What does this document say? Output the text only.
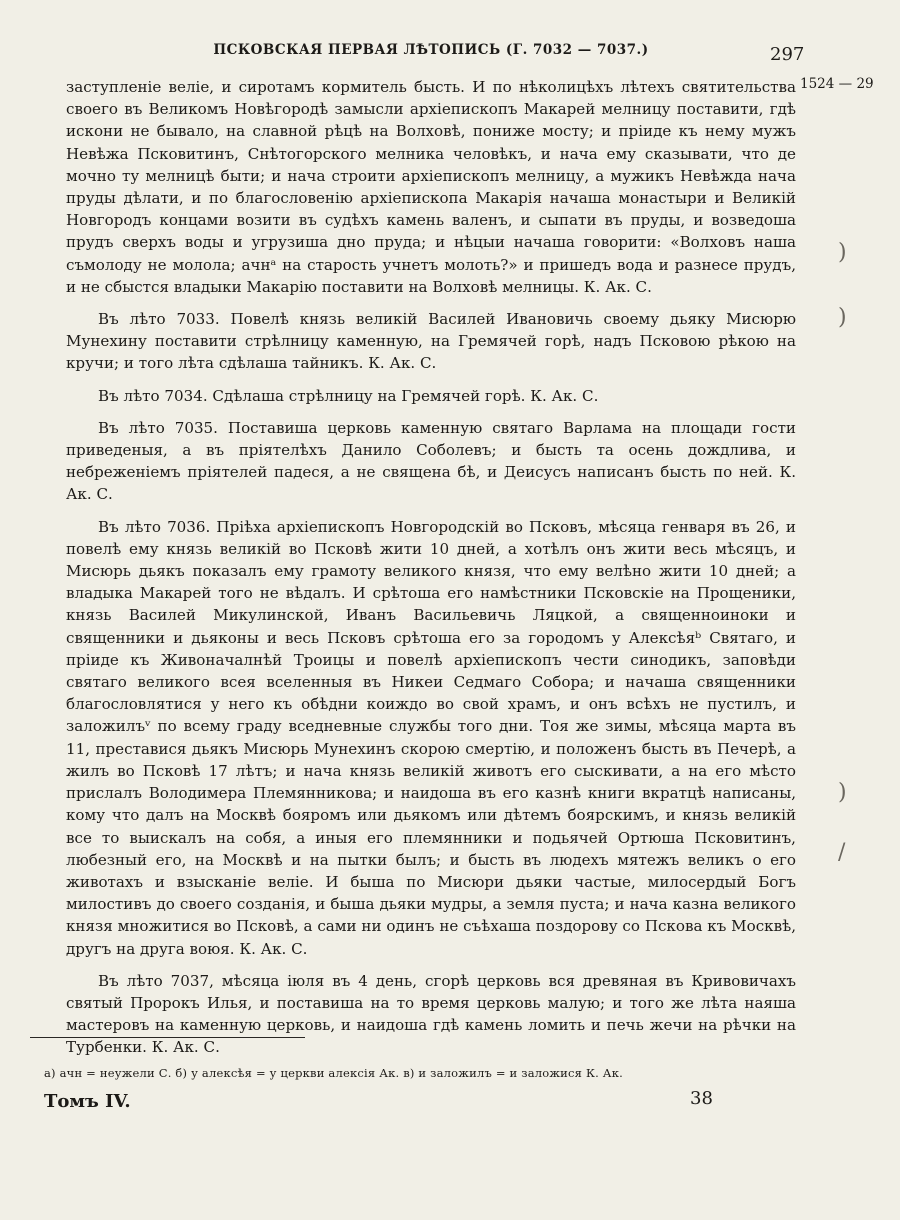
ПСКОВСКАЯ ПЕРВАЯ ЛѢТОПИСЬ (Г. 7032 — 7037.)	297
1524 — 29
)
)
)
/

заступленіе веліе, и сиротамъ кормитель бысть. И по нѣколицѣхъ лѣтехъ святительства своего въ Великомъ Новѣгородѣ замысли архіепископъ Макарей мелницу поставити, гдѣ искони не бывало, на славной рѣцѣ на Волховѣ, пониже мосту; и пріиде къ нему мужъ Невѣжа Псковитинъ, Снѣтогорского мелника человѣкъ, и нача ему сказывати, что де мочно ту мелницѣ быти; и нача строити архіепископъ мелницу, а мужикъ Невѣжда нача пруды дѣлати, и по благословенію архіепископа Макарія начаша монастыри и Великій Новгородъ концами возити въ судѣхъ камень валенъ, и сыпати въ пруды, и возведоша прудъ сверхъ воды и угрузиша дно пруда; и нѣцыи начаша говорити: «Волховъ наша съмолоду не молола; ачнᵃ на старость учнетъ молоть?» и пришедъ вода и разнесе прудъ, и не сбыстся владыки Макарію поставити на Волховѣ мелницы. К. Ак. С.

Въ лѣто 7033. Повелѣ князь великій Василей Ивановичь своему дьяку Мисюрю Мунехину поставити стрѣлницу каменную, на Гремячей горѣ, надъ Псковою рѣкою на кручи; и того лѣта сдѣлаша тайникъ. К. Ак. С.

Въ лѣто 7034. Сдѣлаша стрѣлницу на Гремячей горѣ. К. Ак. С.

Въ лѣто 7035. Поставиша церковь каменную святаго Варлама на площади гости приведеныя, а въ пріятелѣхъ Данило Соболевъ; и бысть та осень дождлива, и небреженіемъ пріятелей падеся, а не священа бѣ, и Деисусъ написанъ бысть по ней. К. Ак. С.

Въ лѣто 7036. Пріѣха архіепископъ Новгородскій во Псковъ, мѣсяца генваря въ 26, и повелѣ ему князь великій во Псковѣ жити 10 дней, а хотѣлъ онъ жити весь мѣсяцъ, и Мисюрь дьякъ показалъ ему грамоту великого князя, что ему велѣно жити 10 дней; а владыка Макарей того не вѣдалъ. И срѣтоша его намѣстники Псковскіе на Прощеники, князь Василей Микулинской, Иванъ Васильевичь Ляцкой, а священноиноки и священники и дьяконы и весь Псковъ срѣтоша его за городомъ у Алексѣяᵇ Святаго, и пріиде къ Живоначалнѣй Троицы и повелѣ архіепископъ чести синодикъ, заповѣди святаго великого всея вселенныя въ Никеи Седмаго Собора; и начаша священники благословлятися у него къ обѣдни коиждо во свой храмъ, и онъ всѣхъ не пустилъ, и заложилъᵛ по всему граду вседневные службы того дни. Тоя же зимы, мѣсяца марта въ 11, преставися дьякъ Мисюрь Мунехинъ скорою смертію, и положенъ бысть въ Печерѣ, а жилъ во Псковѣ 17 лѣтъ; и нача князь великій животъ его сыскивати, а на его мѣсто прислалъ Володимера Племянникова; и наидоша въ его казнѣ книги вкратцѣ написаны, кому что далъ на Москвѣ бояромъ или дьякомъ или дѣтемъ боярскимъ, и князь великій все то выискалъ на собя, а иныя его племянники и подьячей Ортюша Псковитинъ, любезный его, на Москвѣ и на пытки былъ; и бысть въ людехъ мятежъ великъ о его животахъ и взысканіе веліе. И быша по Мисюри дьяки частые, милосердый Богъ милостивъ до своего созданія, и быша дьяки мудры, а земля пуста; и нача казна великого князя множитися во Псковѣ, а сами ни одинъ не съѣхаша поздорову со Пскова къ Москвѣ, другъ на друга воюя. К. Ак. С.

Въ лѣто 7037, мѣсяца іюля въ 4 день, сгорѣ церковь вся древяная въ Кривовичахъ святый Пророкъ Илья, и поставиша на то время церковь малую; и того же лѣта наяша мастеровъ на каменную церковь, и наидоша гдѣ камень ломить и печь жечи на рѣчки на Турбенки. К. Ак. С.

а) ачн = неужели С. б) у алексѣя = у церкви алексія Ак. в) и заложилъ = и заложися К. Ак.
Томъ IV.	38
